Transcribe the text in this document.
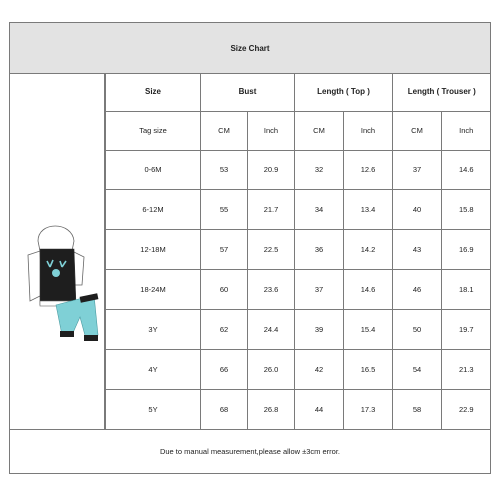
Size Chart
Size	Bust		Length ( Top )		Length ( Trouser )	
Tag size	CM	Inch	CM	Inch	CM	Inch
0-6M	53	20.9	32	12.6	37	14.6
6-12M	55	21.7	34	13.4	40	15.8
12-18M	57	22.5	36	14.2	43	16.9
18-24M	60	23.6	37	14.6	46	18.1
3Y	62	24.4	39	15.4	50	19.7
4Y	66	26.0	42	16.5	54	21.3
5Y	68	26.8	44	17.3	58	22.9
Due to manual measurement,please allow ±3cm error.
